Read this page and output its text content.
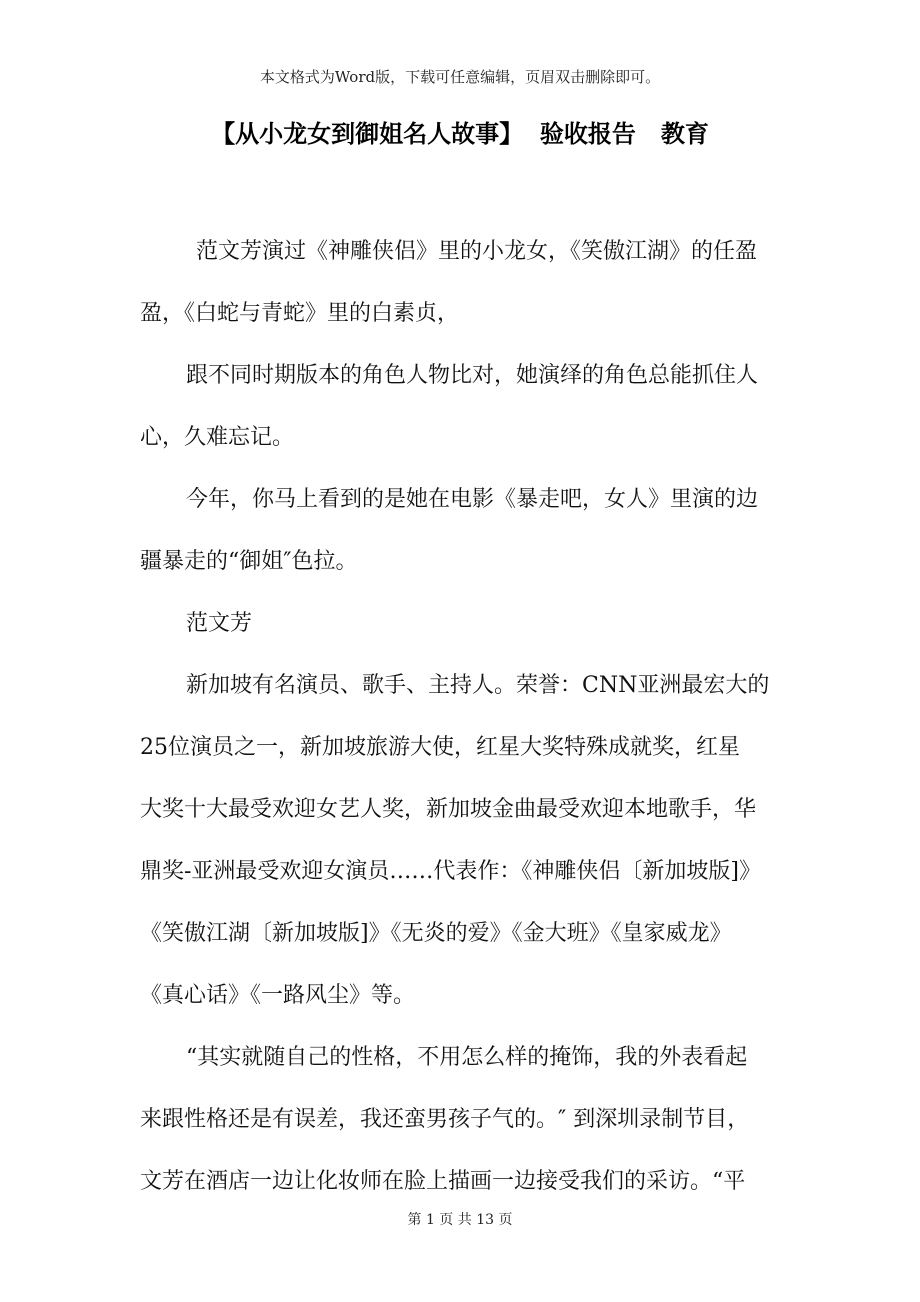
本文格式为Word版，下载可任意编辑，页眉双击删除即可。
【从小龙女到御姐名人故事】  验收报告   教育
范文芳演过《神雕侠侣》里的小龙女，《笑傲江湖》的任盈
盈，《白蛇与青蛇》里的白素贞，
跟不同时期版本的角色人物比对，她演绎的角色总能抓住人
心，久难忘记。
今年，你马上看到的是她在电影《暴走吧，女人》里演的边
疆暴走的“御姐″色拉。
范文芳
新加坡有名演员、歌手、主持人。荣誉：CNN亚洲最宏大的
25位演员之一，新加坡旅游大使，红星大奖特殊成就奖，红星
大奖十大最受欢迎女艺人奖，新加坡金曲最受欢迎本地歌手，华
鼎奖-亚洲最受欢迎女演员……代表作：《神雕侠侣〔新加坡版]》
《笑傲江湖〔新加坡版]》《无炎的爱》《金大班》《皇家威龙》
《真心话》《一路风尘》等。
“其实就随自己的性格，不用怎么样的掩饰，我的外表看起
来跟性格还是有误差，我还蛮男孩子气的。″ 到深圳录制节目，
文芳在酒店一边让化妆师在脸上描画一边接受我们的采访。“平
第 1 页 共 13 页
